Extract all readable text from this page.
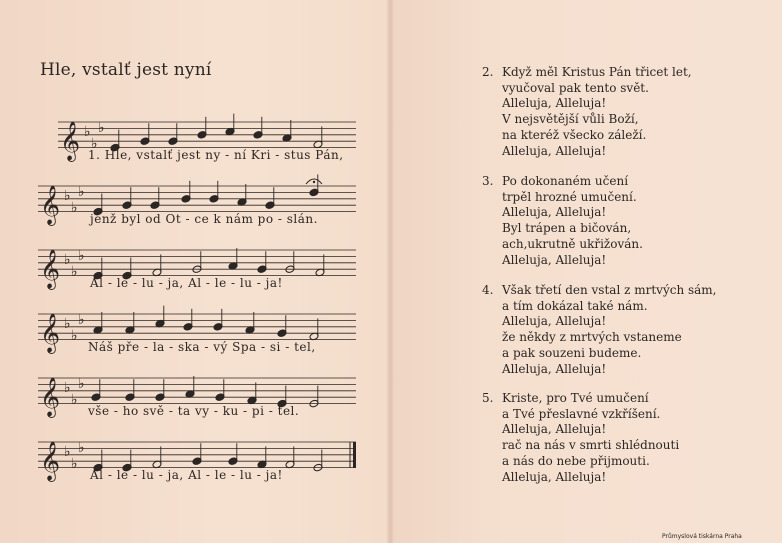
Hle, vstalť jest nyní
𝄞 ♭
♭
♭
𝄞 ♭
♭
♭
𝄞 ♭
♭
♭
𝄞 ♭
♭
♭
𝄞 ♭
♭
♭
𝄞 ♭
♭
♭
1. Hle, vstalť jest ny - ní Kri - stus Pán,
jenž byl od Ot - ce k nám po - slán.
Al - le - lu - ja, Al - le - lu - ja!
Náš pře - la - ska - vý Spa - si - tel,
vše - ho svě - ta vy - ku - pi - tel.
Al - le - lu - ja, Al - le - lu - ja!
2. Když měl Kristus Pán třicet let,
vyučoval pak tento svět.
Alleluja, Alleluja!
V nejsvětější vůli Boží,
na kteréž všecko záleží.
Alleluja, Alleluja!
3. Po dokonaném učení
trpěl hrozné umučení.
Alleluja, Alleluja!
Byl trápen a bičován,
ach,ukrutně ukřižován.
Alleluja, Alleluja!
4. Však třetí den vstal z mrtvých sám,
a tím dokázal také nám.
Alleluja, Alleluja!
že někdy z mrtvých vstaneme
a pak souzeni budeme.
Alleluja, Alleluja!
5. Kriste, pro Tvé umučení
a Tvé přeslavné vzkříšení.
Alleluja, Alleluja!
rač na nás v smrti shlédnouti
a nás do nebe přijmouti.
Alleluja, Alleluja!
Průmyslová tiskárna Praha
